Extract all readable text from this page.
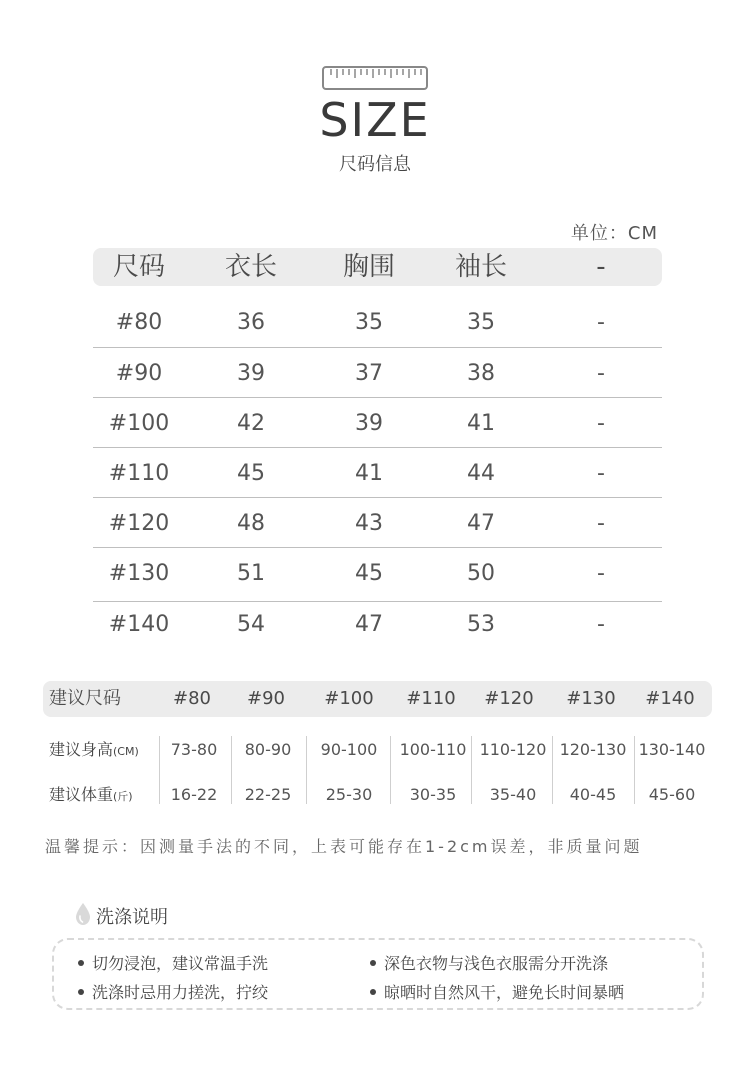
SIZE
尺码信息
单位：CM
尺码	衣长	胸围	袖长	-
#80	36	35	35	-
#90	39	37	38	-
#100	42	39	41	-
#110	45	41	44	-
#120	48	43	47	-
#130	51	45	50	-
#140	54	47	53	-
建议尺码	#80	#90	#100	#110	#120	#130	#140
建议身高(CM)	73-80	80-90	90-100	100-110 110-120 120-130 130-140
建议体重(斤)	16-22	22-25	25-30	30-35	35-40	40-45	45-60
温馨提示：因测量手法的不同，上表可能存在1-2cm误差，非质量问题
洗涤说明
切勿浸泡，建议常温手洗	深色衣物与浅色衣服需分开洗涤
洗涤时忌用力搓洗，拧绞	晾晒时自然风干，避免长时间暴晒
